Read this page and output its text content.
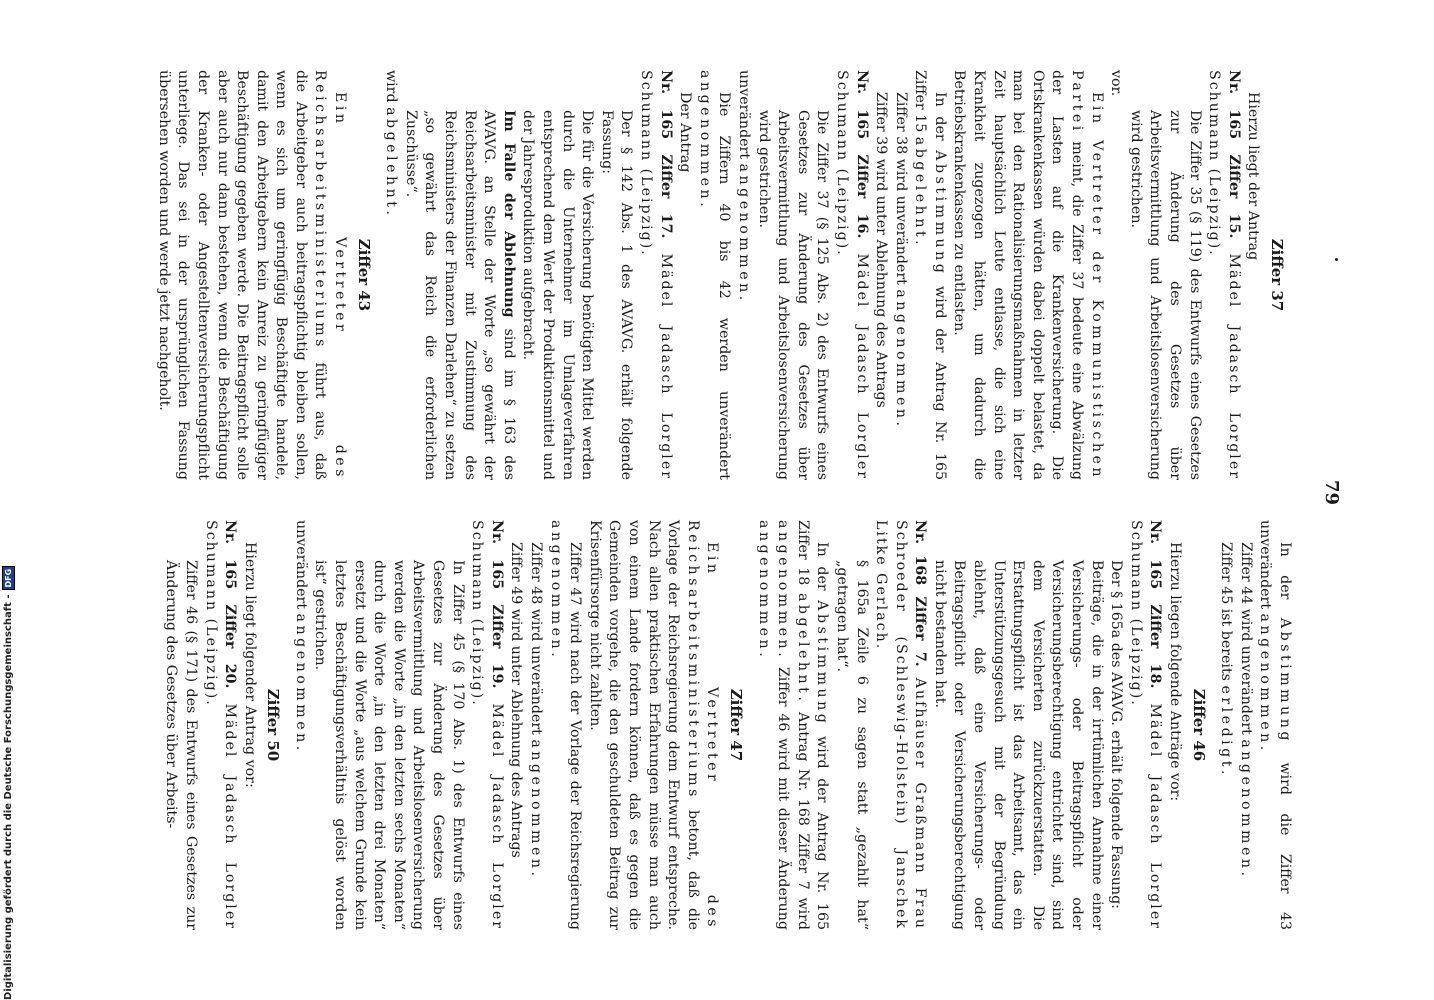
79
Ziffer 37

Hierzu liegt der Antrag

Nr. 165 Ziffer 15. Mädel Jadasch Lorgler Schumann (Leipzig).

Die Ziffer 35 (§ 119) des Entwurfs eines Gesetzes zur Änderung des Gesetzes über Arbeitsvermittlung und Arbeitslosenversicherung wird gestrichen.

vor.

Ein Vertreter der Kommunistischen Partei meint, die Ziffer 37 bedeute eine Abwälzung der Lasten auf die Krankenversicherung. Die Ortskrankenkassen würden dabei doppelt belastet, da man bei den Rationalisierungsmaßnahmen in letzter Zeit hauptsächlich Leute entlasse, die sich eine Krankheit zugezogen hätten, um dadurch die Betriebskrankenkassen zu entlasten.

In der Abstimmung wird der Antrag Nr. 165 Ziffer 15 abgelehnt.

Ziffer 38 wird unverändert angenommen.

Ziffer 39 wird unter Ablehnung des Antrags

Nr. 165 Ziffer 16. Mädel Jadasch Lorgler Schumann (Leipzig).

Die Ziffer 37 (§ 125 Abs. 2) des Entwurfs eines Gesetzes zur Änderung des Gesetzes über Arbeitsvermittlung und Arbeitslosenversicherung wird gestrichen.

unverändert angenommen.

Die Ziffern 40 bis 42 werden unverändert angenommen.

Der Antrag

Nr. 165 Ziffer 17. Mädel Jadasch Lorgler Schumann (Leipzig).

Der § 142 Abs. 1 des AVAVG. erhält folgende Fassung:

Die für die Versicherung benötigten Mittel werden durch die Unternehmer im Umlageverfahren entsprechend dem Wert der Produktionsmittel und der Jahresproduktion aufgebracht.

Im Falle der Ablehnung sind im § 163 des AVAVG. an Stelle der Worte „so gewährt der Reichsarbeitsminister mit Zustimmung des Reichsministers der Finanzen Darlehen“ zu setzen „so gewährt das Reich die erforderlichen Zuschüsse“.

wird abgelehnt.

Ziffer 43

Ein Vertreter des Reichsarbeitsministeriums führt aus, daß die Arbeitgeber auch beitragspflichtig bleiben sollen, wenn es sich um geringfügig Beschäftigte handele, damit den Arbeitgebern kein Anreiz zu geringfügiger Beschäftigung gegeben werde. Die Beitragspflicht solle aber auch nur dann bestehen, wenn die Beschäftigung der Kranken- oder Angestelltenversicherungspflicht unterliege. Das sei in der ursprünglichen Fassung übersehen worden und werde jetzt nachgeholt.

In der Abstimmung wird die Ziffer 43 unverändert angenommen.

Ziffer 44 wird unverändert angenommen.

Ziffer 45 ist bereits erledigt.

Ziffer 46

Hierzu liegen folgende Anträge vor:

Nr. 165 Ziffer 18. Mädel Jadasch Lorgler Schumann (Leipzig).

Der § 165a des AVAVG. erhält folgende Fassung:

Beiträge, die in der irrtümlichen Annahme einer Versicherungs- oder Beitragspflicht oder Versicherungsberechtigung entrichtet sind, sind dem Versicherten zurückzuerstatten. Die Erstattungspflicht ist das Arbeitsamt, das ein Unterstützungsgesuch mit der Begründung ablehnt, daß eine Versicherungs- oder Beitragspflicht oder Versicherungsberechtigung nicht bestanden hat.

Nr. 168 Ziffer 7. Aufhäuser Graßmann Frau Schroeder (Schleswig-Holstein) Janschek Litke Gerlach.

§ 165a Zeile 6 zu sagen statt „gezahlt hat“ „getragen hat“.

In der Abstimmung wird der Antrag Nr. 165 Ziffer 18 abgelehnt. Antrag Nr. 168 Ziffer 7 wird angenommen. Ziffer 46 wird mit dieser Änderung angenommen.

Ziffer 47

Ein Vertreter des Reichsarbeitsministeriums betont, daß die Vorlage der Reichsregierung dem Entwurf entspreche. Nach allen praktischen Erfahrungen müsse man auch von einem Lande fordern können, daß es gegen die Gemeinden vorgehe, die den geschuldeten Beitrag zur Krisenfürsorge nicht zahlten.

Ziffer 47 wird nach der Vorlage der Reichsregierung angenommen.

Ziffer 48 wird unverändert angenommen.

Ziffer 49 wird unter Ablehnung des Antrags

Nr. 165 Ziffer 19. Mädel Jadasch Lorgler Schumann (Leipzig).

In Ziffer 45 (§ 170 Abs. 1) des Entwurfs eines Gesetzes zur Änderung des Gesetzes über Arbeitsvermittlung und Arbeitslosenversicherung werden die Worte „in den letzten sechs Monaten“ durch die Worte „in den letzten drei Monaten“ ersetzt und die Worte „aus welchem Grunde kein letztes Beschäftigungsverhältnis gelöst worden ist“ gestrichen.

unverändert angenommen.

Ziffer 50

Hierzu liegt folgender Antrag vor:

Nr. 165 Ziffer 20. Mädel Jadasch Lorgler Schumann (Leipzig).

Ziffer 46 (§ 171) des Entwurfs eines Gesetzes zur Änderung des Gesetzes über Arbeits-

Digitalisierung gefördert durch die Deutsche Forschungsgemeinschaft -
DFG
